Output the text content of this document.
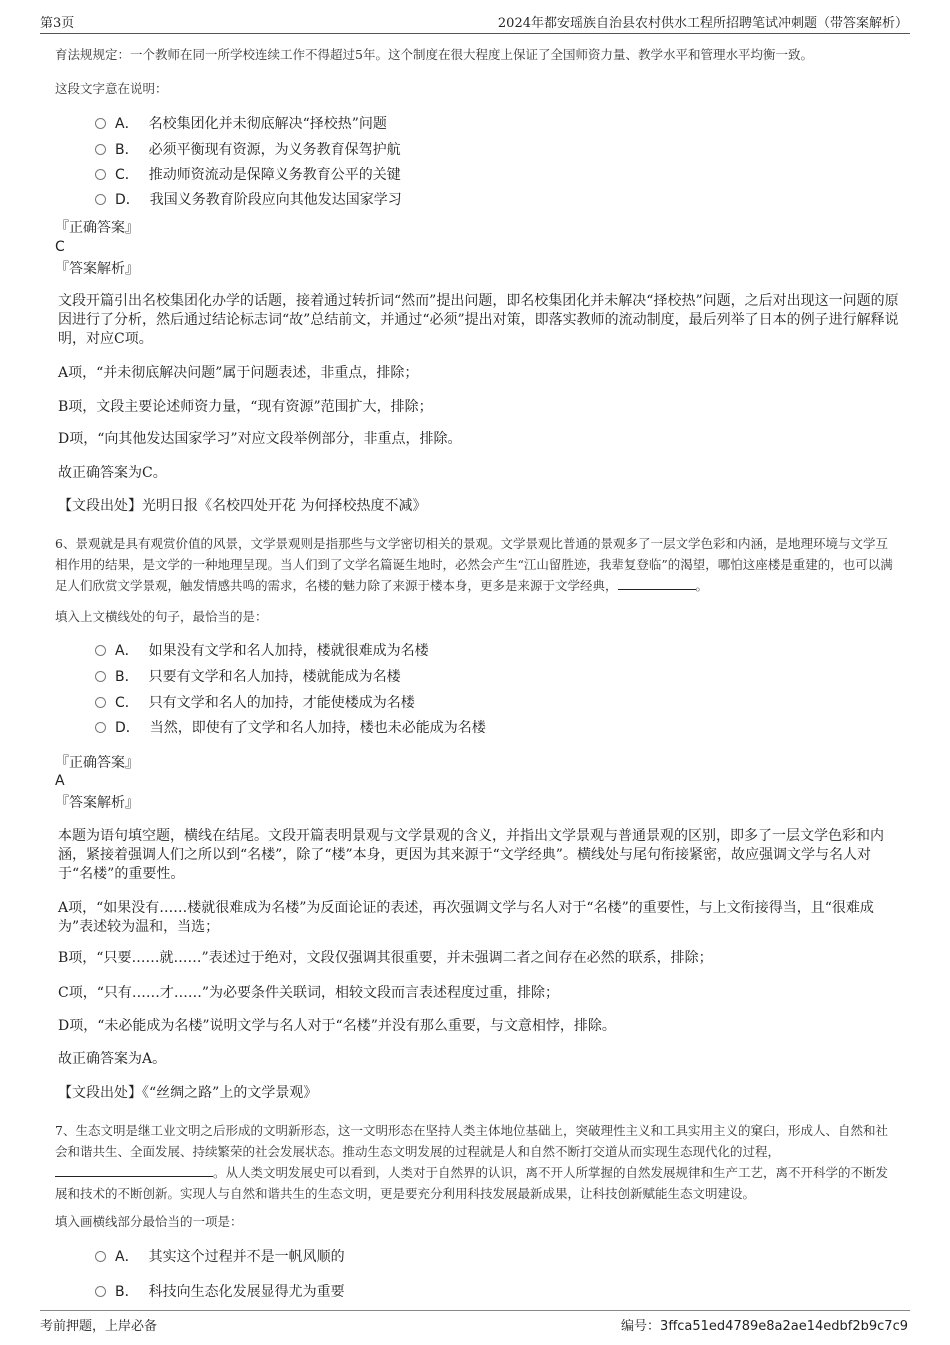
第3页	2024年都安瑶族自治县农村供水工程所招聘笔试冲刺题（带答案解析）
育法规规定：一个教师在同一所学校连续工作不得超过5年。这个制度在很大程度上保证了全国师资力量、教学水平和管理水平均衡一致。
这段文字意在说明：
A． 名校集团化并未彻底解决“择校热”问题
B． 必须平衡现有资源，为义务教育保驾护航
C． 推动师资流动是保障义务教育公平的关键
D． 我国义务教育阶段应向其他发达国家学习
『正确答案』
C
『答案解析』
文段开篇引出名校集团化办学的话题，接着通过转折词“然而”提出问题，即名校集团化并未解决“择校热”问题，之后对出现这一问题的原因进行了分析，然后通过结论标志词“故”总结前文，并通过“必须”提出对策，即落实教师的流动制度，最后列举了日本的例子进行解释说明，对应C项。
A项，“并未彻底解决问题”属于问题表述，非重点，排除；
B项，文段主要论述师资力量，“现有资源”范围扩大，排除；
D项，“向其他发达国家学习”对应文段举例部分，非重点，排除。
故正确答案为C。
【文段出处】光明日报《名校四处开花 为何择校热度不减》
6、景观就是具有观赏价值的风景，文学景观则是指那些与文学密切相关的景观。文学景观比普通的景观多了一层文学色彩和内涵，是地理环境与文学互相作用的结果，是文学的一种地理呈现。当人们到了文学名篇诞生地时，必然会产生“江山留胜迹，我辈复登临”的渴望，哪怕这座楼是重建的，也可以满足人们欣赏文学景观，触发情感共鸣的需求，名楼的魅力除了来源于楼本身，更多是来源于文学经典，	。
填入上文横线处的句子，最恰当的是：
A． 如果没有文学和名人加持，楼就很难成为名楼
B． 只要有文学和名人加持，楼就能成为名楼
C． 只有文学和名人的加持，才能使楼成为名楼
D． 当然，即使有了文学和名人加持，楼也未必能成为名楼
『正确答案』
A
『答案解析』
本题为语句填空题，横线在结尾。文段开篇表明景观与文学景观的含义，并指出文学景观与普通景观的区别，即多了一层文学色彩和内涵，紧接着强调人们之所以到“名楼”，除了“楼”本身，更因为其来源于“文学经典”。横线处与尾句衔接紧密，故应强调文学与名人对于“名楼”的重要性。
A项，“如果没有……楼就很难成为名楼”为反面论证的表述，再次强调文学与名人对于“名楼”的重要性，与上文衔接得当，且“很难成为”表述较为温和，当选；
B项，“只要……就……”表述过于绝对，文段仅强调其很重要，并未强调二者之间存在必然的联系，排除；
C项，“只有……才……”为必要条件关联词，相较文段而言表述程度过重，排除；
D项，“未必能成为名楼”说明文学与名人对于“名楼”并没有那么重要，与文意相悖，排除。
故正确答案为A。
【文段出处】《“丝绸之路”上的文学景观》
7、生态文明是继工业文明之后形成的文明新形态，这一文明形态在坚持人类主体地位基础上，突破理性主义和工具实用主义的窠臼，形成人、自然和社会和谐共生、全面发展、持续繁荣的社会发展状态。推动生态文明发展的过程就是人和自然不断打交道从而实现生态现代化的过程，。从人类文明发展史可以看到，人类对于自然界的认识，离不开人所掌握的自然发展规律和生产工艺，离不开科学的不断发展和技术的不断创新。实现人与自然和谐共生的生态文明，更是要充分利用科技发展最新成果，让科技创新赋能生态文明建设。
填入画横线部分最恰当的一项是：
A． 其实这个过程并不是一帆风顺的
B． 科技向生态化发展显得尤为重要
考前押题，上岸必备	编号：3ffca51ed4789e8a2ae14edbf2b9c7c9
